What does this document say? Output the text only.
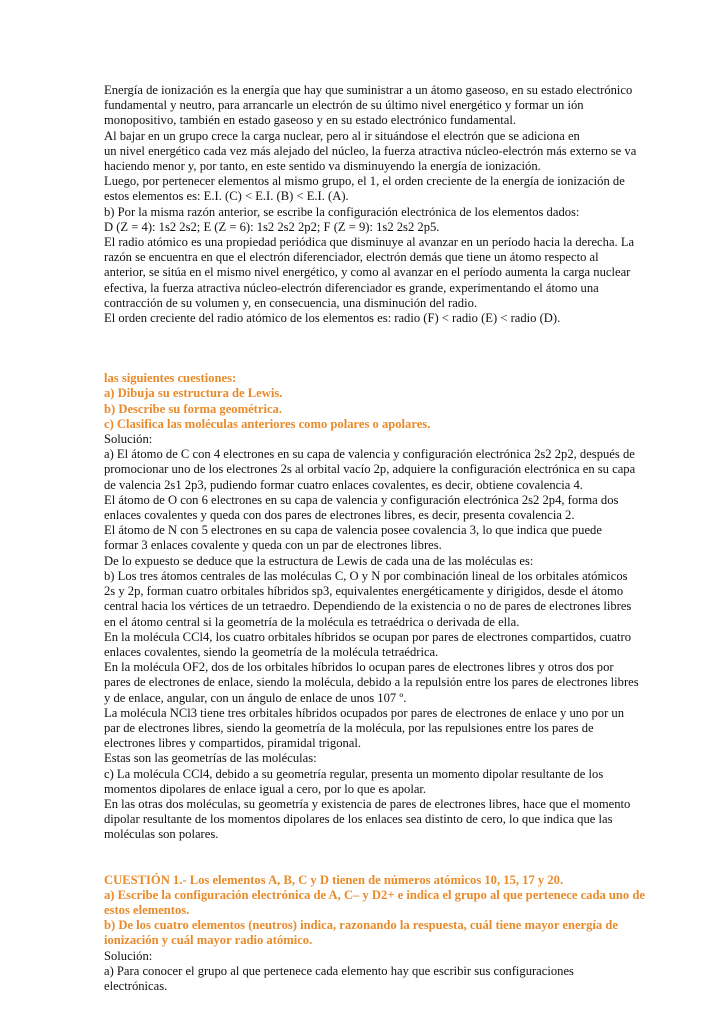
Energía de ionización es la energía que hay que suministrar a un átomo gaseoso, en su estado electrónico
fundamental y neutro, para arrancarle un electrón de su último nivel energético y formar un ión
monopositivo, también en estado gaseoso y en su estado electrónico fundamental.
Al bajar en un grupo crece la carga nuclear, pero al ir situándose el electrón que se adiciona en
un nivel energético cada vez más alejado del núcleo, la fuerza atractiva núcleo-electrón más externo se va
haciendo menor y, por tanto, en este sentido va disminuyendo la energía de ionización.
Luego, por pertenecer elementos al mismo grupo, el 1, el orden creciente de la energía de ionización de
estos elementos es: E.I. (C) < E.I. (B) < E.I. (A).
b) Por la misma razón anterior, se escribe la configuración electrónica de los elementos dados:
D (Z = 4): 1s2 2s2; E (Z = 6): 1s2 2s2 2p2; F (Z = 9): 1s2 2s2 2p5.
El radio atómico es una propiedad periódica que disminuye al avanzar en un período hacia la derecha. La
razón se encuentra en que el electrón diferenciador, electrón demás que tiene un átomo respecto al
anterior, se sitúa en el mismo nivel energético, y como al avanzar en el período aumenta la carga nuclear
efectiva, la fuerza atractiva núcleo-electrón diferenciador es grande, experimentando el átomo una
contracción de su volumen y, en consecuencia, una disminución del radio.
El orden creciente del radio atómico de los elementos es: radio (F) < radio (E) < radio (D).
las siguientes cuestiones:
a) Dibuja su estructura de Lewis.
b) Describe su forma geométrica.
c) Clasifica las moléculas anteriores como polares o apolares.
Solución:
a) El átomo de C con 4 electrones en su capa de valencia y configuración electrónica 2s2 2p2, después de
promocionar uno de los electrones 2s al orbital vacío 2p, adquiere la configuración electrónica en su capa
de valencia 2s1 2p3, pudiendo formar cuatro enlaces covalentes, es decir, obtiene covalencia 4.
El átomo de O con 6 electrones en su capa de valencia y configuración electrónica 2s2 2p4, forma dos
enlaces covalentes y queda con dos pares de electrones libres, es decir, presenta covalencia 2.
El átomo de N con 5 electrones en su capa de valencia posee covalencia 3, lo que indica que puede
formar 3 enlaces covalente y queda con un par de electrones libres.
De lo expuesto se deduce que la estructura de Lewis de cada una de las moléculas es:
b) Los tres átomos centrales de las moléculas C, O y N por combinación lineal de los orbitales atómicos
2s y 2p, forman cuatro orbitales híbridos sp3, equivalentes energéticamente y dirigidos, desde el átomo
central hacia los vértices de un tetraedro. Dependiendo de la existencia o no de pares de electrones libres
en el átomo central si la geometría de la molécula es tetraédrica o derivada de ella.
En la molécula CCl4, los cuatro orbitales híbridos se ocupan por pares de electrones compartidos, cuatro
enlaces covalentes, siendo la geometría de la molécula tetraédrica.
En la molécula OF2, dos de los orbitales híbridos lo ocupan pares de electrones libres y otros dos por
pares de electrones de enlace, siendo la molécula, debido a la repulsión entre los pares de electrones libres
y de enlace, angular, con un ángulo de enlace de unos 107 º.
La molécula NCl3 tiene tres orbitales híbridos ocupados por pares de electrones de enlace y uno por un
par de electrones libres, siendo la geometría de la molécula, por las repulsiones entre los pares de
electrones libres y compartidos, piramidal trigonal.
Estas son las geometrías de las moléculas:
c) La molécula CCl4, debido a su geometría regular, presenta un momento dipolar resultante de los
momentos dipolares de enlace igual a cero, por lo que es apolar.
En las otras dos moléculas, su geometría y existencia de pares de electrones libres, hace que el momento
dipolar resultante de los momentos dipolares de los enlaces sea distinto de cero, lo que indica que las
moléculas son polares.
CUESTIÓN 1.- Los elementos A, B, C y D tienen de números atómicos 10, 15, 17 y 20.
a) Escribe la configuración electrónica de A, C– y D2+ e indica el grupo al que pertenece cada uno de
estos elementos.
b) De los cuatro elementos (neutros) indica, razonando la respuesta, cuál tiene mayor energía de
ionización y cuál mayor radio atómico.
Solución:
a) Para conocer el grupo al que pertenece cada elemento hay que escribir sus configuraciones
electrónicas.
